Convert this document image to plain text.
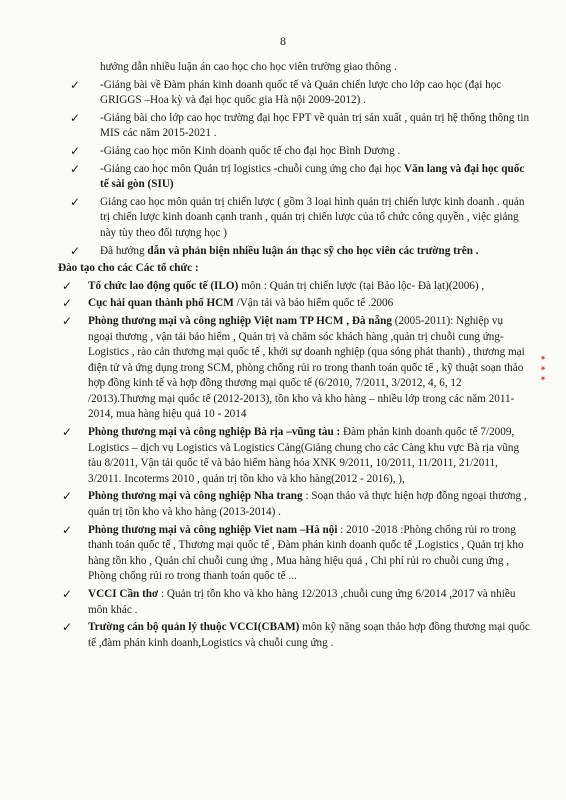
8
hướng dẫn nhiều luận án cao học cho học viên trường giao thông .
✓ -Giảng bài về Đàm phán kinh doanh quốc tế và Quản chiến lược cho lớp cao học (đại học GRIGGS –Hoa kỳ và đại học quốc gia Hà nội 2009-2012) .
✓ -Giảng bài cho lớp cao học trường đại học FPT về quản trị sản xuất , quản trị hệ thống thông tin MIS các năm 2015-2021 .
✓ -Giảng cao học môn Kinh doanh quốc tế cho đại học Bình Dương .
✓ -Giảng cao học môn Quản trị logistics -chuỗi cung ứng cho đại học Văn lang và đại học quốc tế sài gòn (SIU)
✓ Giảng cao học môn quản trị chiến lược ( gồm 3 loại hình quản trị chiến lược kinh doanh . quản trị chiến lược kinh doanh cạnh tranh , quản trị chiến lược của tổ chức công quyền , việc giảng này tùy theo đối tượng học )
✓ Đã hướng dẫn và phản biện nhiều luận án thạc sỹ cho học viên các trường trên .
Đào tạo cho các Các tổ chức :
✓ Tổ chức lao động quốc tế (ILO) môn : Quản trị chiến lược (tại Bảo lộc- Đà lạt)(2006) ,
✓ Cục hải quan thành phố HCM /Vận tải và bảo hiểm quốc tế .2006
✓ Phòng thương mại và công nghiệp Việt nam TP HCM , Đà nẵng (2005-2011): Nghiệp vụ ngoại thương , vận tải bảo hiểm , Quản trị và chăm sóc khách hàng ,quản trị chuỗi cung ứng- Logistics , rào cản thương mại quốc tế , khởi sự doanh nghiệp (qua sóng phát thanh) , thương mại điện tử và ứng dụng trong SCM, phòng chống rủi ro trong thanh toán quốc tế , kỹ thuật soạn thảo hợp đồng kinh tế và hợp đồng thương mại quốc tế (6/2010, 7/2011, 3/2012, 4, 6, 12 /2013).Thương mại quốc tế (2012-2013), tồn kho và kho hàng – nhiều lớp trong các năm 2011-2014, mua hàng hiệu quả 10 - 2014
✓ Phòng thương mại và công nghiệp Bà rịa –vũng tàu : Đàm phán kinh doanh quốc tế 7/2009, Logistics – dịch vụ Logistics và Logistics Cảng(Giảng chung cho các Càng khu vực Bà rịa vũng tàu 8/2011, Vận tải quốc tế và bảo hiểm hàng hóa XNK 9/2011, 10/2011, 11/2011, 21/2011, 3/2011. Incoterms 2010 , quản trị tồn kho và kho hàng(2012 - 2016), ),
✓ Phòng thương mại và công nghiệp Nha trang : Soạn thảo và thực hiện hợp đồng ngoại thương , quản trị tồn kho và kho hàng (2013-2014) .
✓ Phòng thương mại và công nghiệp Viet nam –Hà nội : 2010 -2018 :Phòng chống rủi ro trong thanh toán quốc tế , Thương mại quốc tế , Đàm phán kinh doanh quốc tế ,Logistics , Quản trị kho hàng tồn kho , Quản chỉ chuỗi cung ứng , Mua hàng hiệu quả , Chi phí rủi ro chuỗi cung ứng , Phòng chống rủi ro trong thanh toán quốc tế ...
✓ VCCI Cần thơ : Quản trị tồn kho và kho hàng 12/2013 ,chuỗi cung ứng 6/2014 ,2017 và nhiều môn khác .
✓ Trường cán bộ quản lý thuộc VCCI(CBAM) môn kỹ năng soạn thảo hợp đồng thương mại quốc tế ,đàm phán kinh doanh,Logistics và chuỗi cung ứng .
★ ★ ★
